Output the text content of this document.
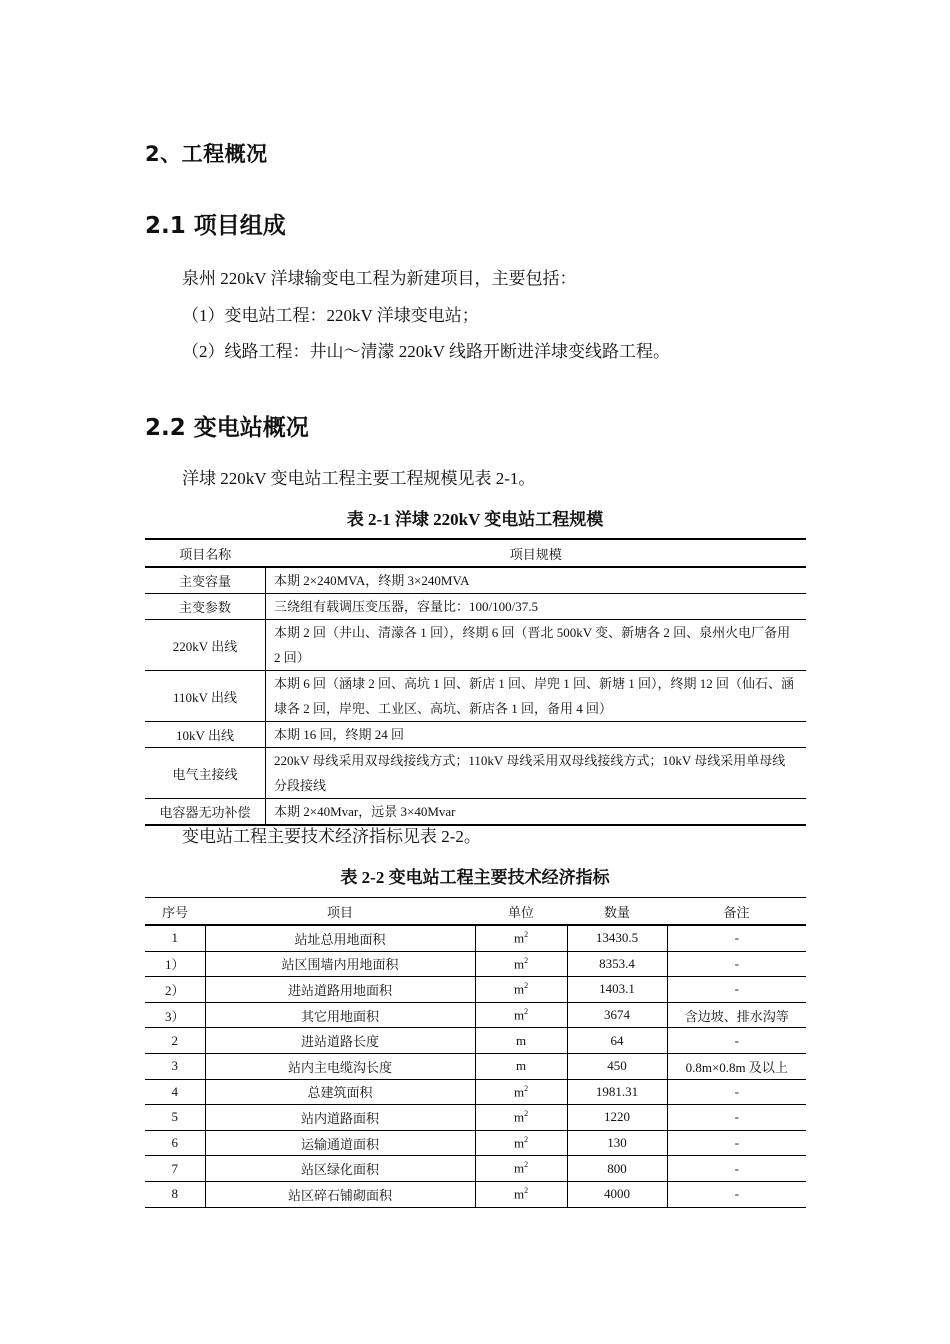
2、工程概况
2.1 项目组成
泉州 220kV 洋埭输变电工程为新建项目，主要包括：
（1）变电站工程：220kV 洋埭变电站；
（2）线路工程：井山～清濛 220kV 线路开断进洋埭变线路工程。
2.2 变电站概况
洋埭 220kV 变电站工程主要工程规模见表 2-1。
表 2-1 洋埭 220kV 变电站工程规模
项目名称	项目规模
主变容量	本期 2×240MVA，终期 3×240MVA
主变参数	三绕组有载调压变压器，容量比：100/100/37.5
220kV 出线	本期 2 回（井山、清濛各 1 回），终期 6 回（晋北 500kV 变、新塘各 2 回、泉州火电厂备用 2 回）
110kV 出线	本期 6 回（涵埭 2 回、高坑 1 回、新店 1 回、岸兜 1 回、新塘 1 回），终期 12 回（仙石、涵埭各 2 回，岸兜、工业区、高坑、新店各 1 回，备用 4 回）
10kV 出线	本期 16 回，终期 24 回
电气主接线	220kV 母线采用双母线接线方式；110kV 母线采用双母线接线方式；10kV 母线采用单母线分段接线
电容器无功补偿	本期 2×40Mvar，远景 3×40Mvar
变电站工程主要技术经济指标见表 2-2。
表 2-2 变电站工程主要技术经济指标
序号	项目	单位	数量	备注
1	站址总用地面积	$m^2$	13430.5	-
1）	站区围墙内用地面积	$m^2$	8353.4	-
2）	进站道路用地面积	$m^2$	1403.1	-
3）	其它用地面积	$m^2$	3674	含边坡、排水沟等
2	进站道路长度	m	64	-
3	站内主电缆沟长度	m	450	0.8m×0.8m 及以上
4	总建筑面积	$m^2$	1981.31	-
5	站内道路面积	$m^2$	1220	-
6	运输通道面积	$m^2$	130	-
7	站区绿化面积	$m^2$	800	-
8	站区碎石铺砌面积	$m^2$	4000	-
